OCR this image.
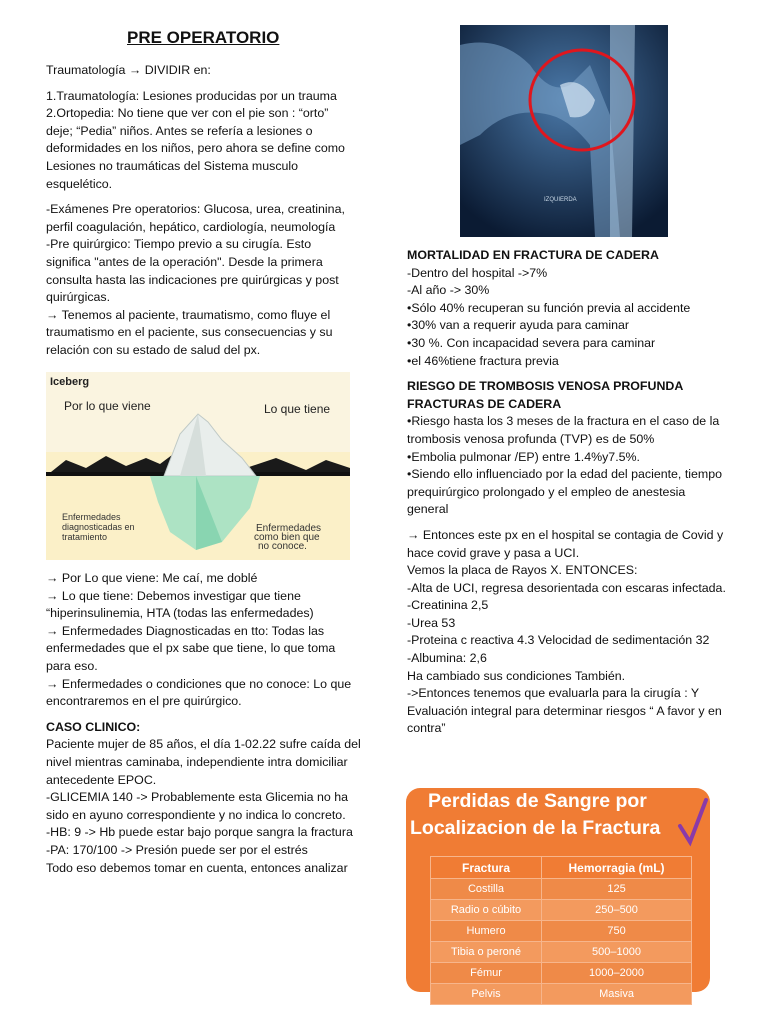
PRE OPERATORIO

Traumatología → DIVIDIR en:

1.Traumatología: Lesiones producidas por un trauma

2.Ortopedia: No tiene que ver con el pie son : “orto” deje; “Pedia” niños. Antes se refería a lesiones o deformidades en los niños, pero ahora se define como Lesiones no traumáticas del Sistema musculo esquelético.

-Exámenes Pre operatorios: Glucosa, urea, creatinina, perfil coagulación, hepático, cardiología, neumología

-Pre quirúrgico: Tiempo previo a su cirugía. Esto significa "antes de la operación". Desde la primera consulta hasta las indicaciones pre quirúrgicas y post quirúrgicas.

→ Tenemos al paciente, traumatismo, como fluye el traumatismo en el paciente, sus consecuencias y su relación con su estado de salud del px.

Iceberg
Por lo que viene	Lo que tiene
Enfermedades diagnosticadas en tratamiento
Enfermedades
como bien que
no conoce.

→ Por Lo que viene: Me caí, me doblé

→ Lo que tiene: Debemos investigar que tiene “hiperinsulinemia, HTA (todas las enfermedades)

→ Enfermedades Diagnosticadas en tto: Todas las enfermedades que el px sabe que tiene, lo que toma para eso.

→ Enfermedades o condiciones que no conoce: Lo que encontraremos en el pre quirúrgico.

CASO CLINICO:

Paciente mujer de 85 años, el día 1-02.22 sufre caída del nivel mientras caminaba, independiente intra domiciliar antecedente EPOC.

-GLICEMIA 140 -> Probablemente esta Glicemia no ha sido en ayuno correspondiente y no indica lo concreto.

-HB: 9 -> Hb puede estar bajo porque sangra la fractura

-PA: 170/100 -> Presión puede ser por el estrés

Todo eso debemos tomar en cuenta, entonces analizar

IZQUIERDA

MORTALIDAD EN FRACTURA DE CADERA

-Dentro del hospital ->7%

-Al año -> 30%

•Sólo 40% recuperan su función previa al accidente

•30% van a requerir ayuda para caminar

•30 %. Con incapacidad severa para caminar

•el 46%tiene fractura previa

RIESGO DE TROMBOSIS VENOSA PROFUNDA FRACTURAS DE CADERA

•Riesgo hasta los 3 meses de la fractura en el caso de la trombosis venosa profunda (TVP) es de 50%

•Embolia pulmonar /EP) entre 1.4%y7.5%.

•Siendo ello influenciado por la edad del paciente, tiempo prequirúrgico prolongado y el empleo de anestesia general

→ Entonces este px en el hospital se contagia de Covid y hace covid grave y pasa a UCI.

Vemos la placa de Rayos X. ENTONCES:

-Alta de UCI, regresa desorientada con escaras infectada.

-Creatinina 2,5

-Urea 53

-Proteina c reactiva 4.3 Velocidad de sedimentación 32

-Albumina: 2,6

Ha cambiado sus condiciones También.

->Entonces tenemos que evaluarla para la cirugía : Y Evaluación integral para determinar riesgos “ A favor y en contra”

Perdidas de Sangre por
Localizacion de la Fractura
Fractura	Hemorragia (mL)
Costilla	125
Radio o cúbito	250–500
Humero	750
Tibia o peroné	500–1000
Fémur	1000–2000
Pelvis	Masiva
